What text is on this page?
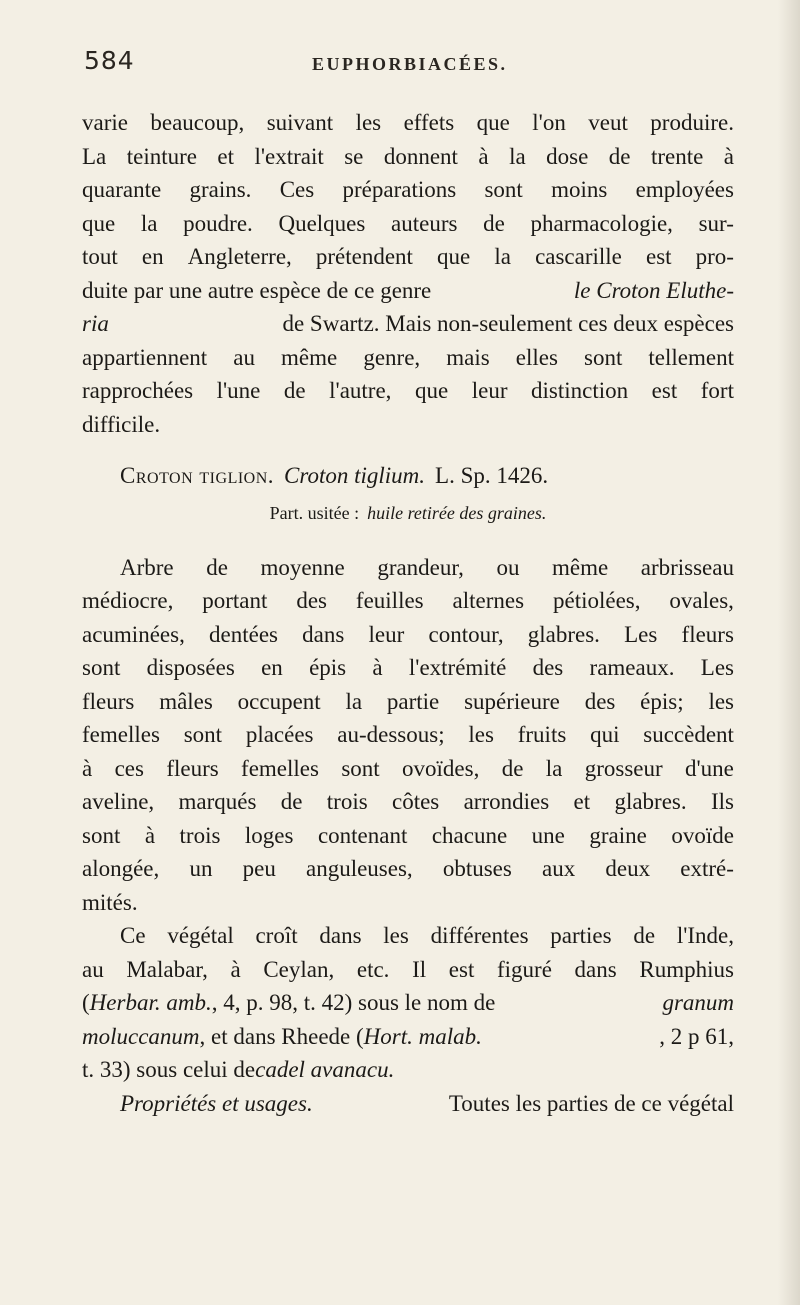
584	EUPHORBIACÉES.
varie beaucoup, suivant les effets que l'on veut produire.
La teinture et l'extrait se donnent à la dose de trente à
quarante grains. Ces préparations sont moins employées
que la poudre. Quelques auteurs de pharmacologie, sur-
tout en Angleterre, prétendent que la cascarille est pro-
duite par une autre espèce de ce genre	le Croton Eluthe-
ria	de Swartz. Mais non-seulement ces deux espèces
appartiennent au même genre, mais elles sont tellement
rapprochées l'une de l'autre, que leur distinction est fort
difficile.
Croton tiglion. Croton tiglium. L. Sp. 1426.
Part. usitée : huile retirée des graines.
Arbre de moyenne grandeur, ou même arbrisseau
médiocre, portant des feuilles alternes pétiolées, ovales,
acuminées, dentées dans leur contour, glabres. Les fleurs
sont disposées en épis à l'extrémité des rameaux. Les
fleurs mâles occupent la partie supérieure des épis; les
femelles sont placées au-dessous; les fruits qui succèdent
à ces fleurs femelles sont ovoïdes, de la grosseur d'une
aveline, marqués de trois côtes arrondies et glabres. Ils
sont à trois loges contenant chacune une graine ovoïde
alongée, un peu anguleuses, obtuses aux deux extré-
mités.
Ce végétal croît dans les différentes parties de l'Inde,
au Malabar, à Ceylan, etc. Il est figuré dans Rumphius
(Herbar. amb., 4, p. 98, t. 42) sous le nom de	granum
moluccanum, et dans Rheede (Hort. malab.	, 2 p 61,
t. 33) sous celui de cadel avanacu.
Propriétés et usages.	Toutes les parties de ce végétal
